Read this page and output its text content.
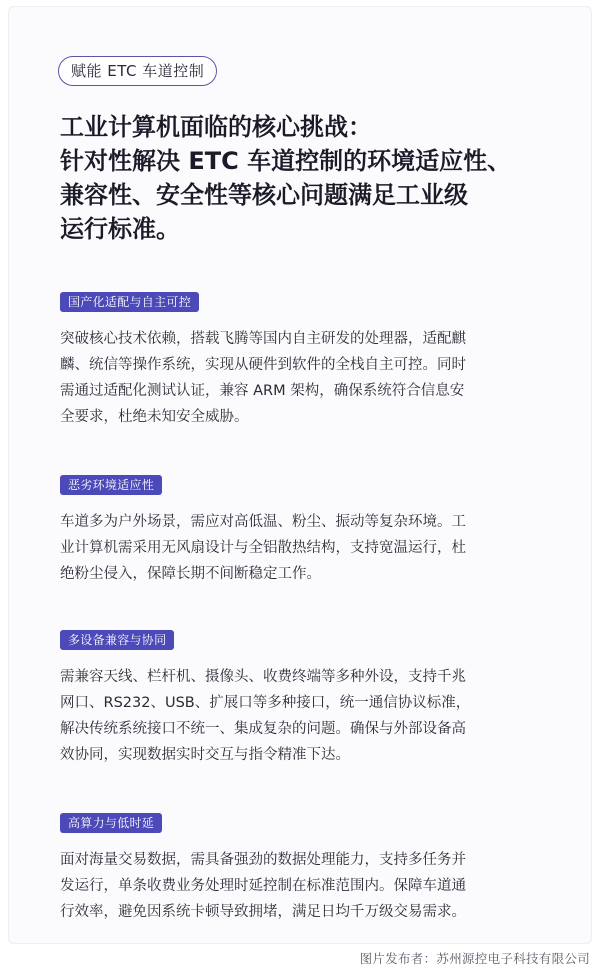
赋能 ETC 车道控制
工业计算机面临的核心挑战：
针对性解决 ETC 车道控制的环境适应性、
兼容性、安全性等核心问题满足工业级
运行标准。
国产化适配与自主可控
突破核心技术依赖，搭载飞腾等国内自主研发的处理器，适配麒
麟、统信等操作系统，实现从硬件到软件的全栈自主可控。同时
需通过适配化测试认证，兼容 ARM 架构，确保系统符合信息安
全要求，杜绝未知安全威胁。
恶劣环境适应性
车道多为户外场景，需应对高低温、粉尘、振动等复杂环境。工
业计算机需采用无风扇设计与全铝散热结构，支持宽温运行，杜
绝粉尘侵入，保障长期不间断稳定工作。
多设备兼容与协同
需兼容天线、栏杆机、摄像头、收费终端等多种外设，支持千兆
网口、RS232、USB、扩展口等多种接口，统一通信协议标准，
解决传统系统接口不统一、集成复杂的问题。确保与外部设备高
效协同，实现数据实时交互与指令精准下达。
高算力与低时延
面对海量交易数据，需具备强劲的数据处理能力，支持多任务并
发运行，单条收费业务处理时延控制在标准范围内。保障车道通
行效率，避免因系统卡顿导致拥堵，满足日均千万级交易需求。
图片发布者：苏州源控电子科技有限公司
